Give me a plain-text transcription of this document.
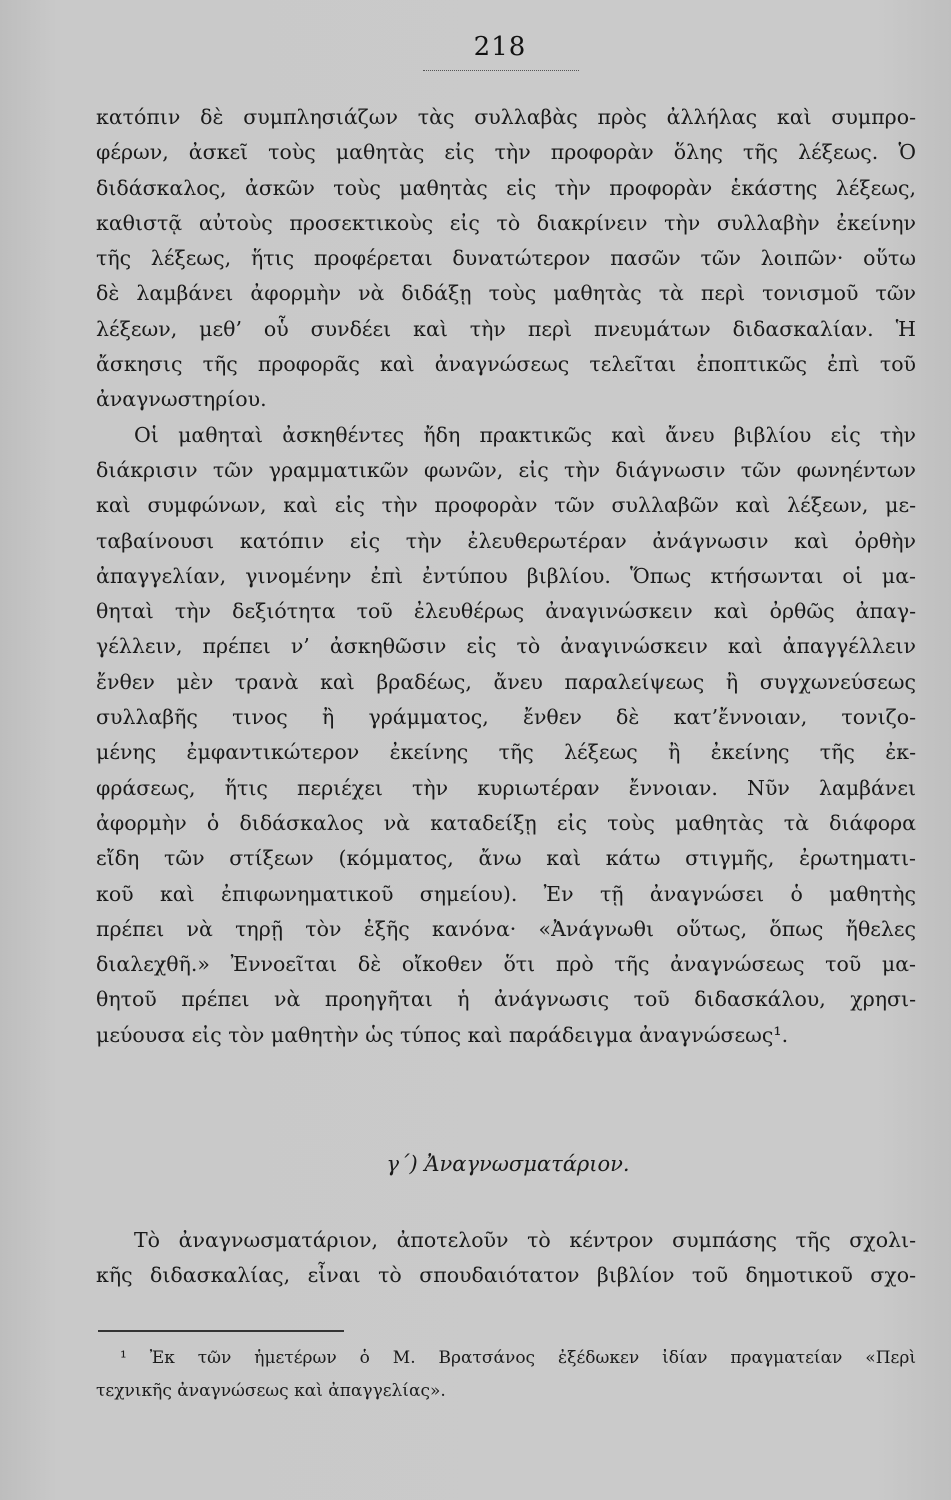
218
κατόπιν δὲ συμπλησιάζων τὰς συλλαβὰς πρὸς ἀλλήλας καὶ συμπρο-
φέρων, ἀσκεῖ τοὺς μαθητὰς εἰς τὴν προφορὰν ὅλης τῆς λέξεως. Ὁ
διδάσκαλος, ἀσκῶν τοὺς μαθητὰς εἰς τὴν προφορὰν ἑκάστης λέξεως,
καθιστᾷ αὐτοὺς προσεκτικοὺς εἰς τὸ διακρίνειν τὴν συλλαβὴν ἐκείνην
τῆς λέξεως, ἥτις προφέρεται δυνατώτερον πασῶν τῶν λοιπῶν· οὕτω
δὲ λαμβάνει ἀφορμὴν νὰ διδάξῃ τοὺς μαθητὰς τὰ περὶ τονισμοῦ τῶν
λέξεων, μεθ’ οὗ συνδέει καὶ τὴν περὶ πνευμάτων διδασκαλίαν. Ἡ
ἄσκησις τῆς προφορᾶς καὶ ἀναγνώσεως τελεῖται ἐποπτικῶς ἐπὶ τοῦ
ἀναγνωστηρίου.
Οἱ μαθηταὶ ἀσκηθέντες ἤδη πρακτικῶς καὶ ἄνευ βιβλίου εἰς τὴν
διάκρισιν τῶν γραμματικῶν φωνῶν, εἰς τὴν διάγνωσιν τῶν φωνηέντων
καὶ συμφώνων, καὶ εἰς τὴν προφορὰν τῶν συλλαβῶν καὶ λέξεων, με-
ταβαίνουσι κατόπιν εἰς τὴν ἐλευθερωτέραν ἀνάγνωσιν καὶ ὀρθὴν
ἀπαγγελίαν, γινομένην ἐπὶ ἐντύπου βιβλίου. Ὅπως κτήσωνται οἱ μα-
θηταὶ τὴν δεξιότητα τοῦ ἐλευθέρως ἀναγινώσκειν καὶ ὀρθῶς ἀπαγ-
γέλλειν, πρέπει ν’ ἀσκηθῶσιν εἰς τὸ ἀναγινώσκειν καὶ ἀπαγγέλλειν
ἔνθεν μὲν τρανὰ καὶ βραδέως, ἄνευ παραλείψεως ἢ συγχωνεύσεως
συλλαβῆς τινος ἢ γράμματος, ἔνθεν δὲ κατ’ἔννοιαν, τονιζο-
μένης ἐμφαντικώτερον ἐκείνης τῆς λέξεως ἢ ἐκείνης τῆς ἐκ-
φράσεως, ἥτις περιέχει τὴν κυριωτέραν ἔννοιαν. Νῦν λαμβάνει
ἀφορμὴν ὁ διδάσκαλος νὰ καταδείξῃ εἰς τοὺς μαθητὰς τὰ διάφορα
εἴδη τῶν στίξεων (κόμματος, ἄνω καὶ κάτω στιγμῆς, ἐρωτηματι-
κοῦ καὶ ἐπιφωνηματικοῦ σημείου). Ἐν τῇ ἀναγνώσει ὁ μαθητὴς
πρέπει νὰ τηρῇ τὸν ἑξῆς κανόνα· «Ἀνάγνωθι οὕτως, ὅπως ἤθελες
διαλεχθῆ.» Ἐννοεῖται δὲ οἴκοθεν ὅτι πρὸ τῆς ἀναγνώσεως τοῦ μα-
θητοῦ πρέπει νὰ προηγῆται ἡ ἀνάγνωσις τοῦ διδασκάλου, χρησι-
μεύουσα εἰς τὸν μαθητὴν ὡς τύπος καὶ παράδειγμα ἀναγνώσεως¹.
γ΄) Ἀναγνωσματάριον.
Τὸ ἀναγνωσματάριον, ἀποτελοῦν τὸ κέντρον συμπάσης τῆς σχολι-
κῆς διδασκαλίας, εἶναι τὸ σπουδαιότατον βιβλίον τοῦ δημοτικοῦ σχο-
¹ Ἐκ τῶν ἡμετέρων ὁ Μ. Βρατσάνος ἐξέδωκεν ἰδίαν πραγματείαν «Περὶ
τεχνικῆς ἀναγνώσεως καὶ ἀπαγγελίας».
